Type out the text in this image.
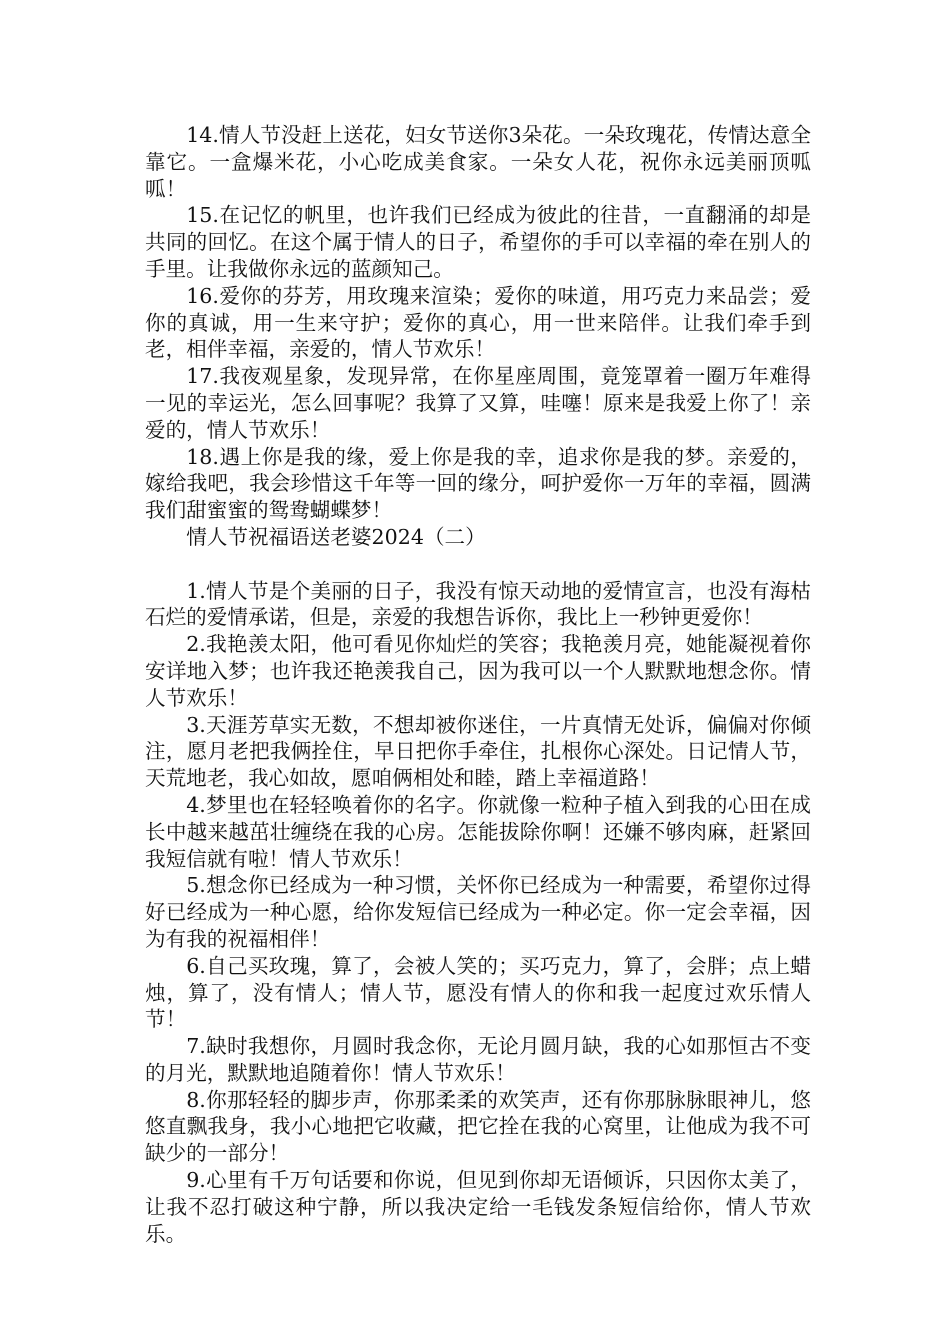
14.情人节没赶上送花，妇女节送你3朵花。一朵玫瑰花，传情达意全靠它。一盒爆米花，小心吃成美食家。一朵女人花，祝你永远美丽顶呱呱！

15.在记忆的帆里，也许我们已经成为彼此的往昔，一直翻涌的却是共同的回忆。在这个属于情人的日子，希望你的手可以幸福的牵在别人的手里。让我做你永远的蓝颜知己。

16.爱你的芬芳，用玫瑰来渲染；爱你的味道，用巧克力来品尝；爱你的真诚，用一生来守护；爱你的真心，用一世来陪伴。让我们牵手到老，相伴幸福，亲爱的，情人节欢乐！

17.我夜观星象，发现异常，在你星座周围，竟笼罩着一圈万年难得一见的幸运光，怎么回事呢？我算了又算，哇噻！原来是我爱上你了！亲爱的，情人节欢乐！

18.遇上你是我的缘，爱上你是我的幸，追求你是我的梦。亲爱的，嫁给我吧，我会珍惜这千年等一回的缘分，呵护爱你一万年的幸福，圆满我们甜蜜蜜的鸳鸯蝴蝶梦！

情人节祝福语送老婆2024（二）

1.情人节是个美丽的日子，我没有惊天动地的爱情宣言，也没有海枯石烂的爱情承诺，但是，亲爱的我想告诉你，我比上一秒钟更爱你！

2.我艳羡太阳，他可看见你灿烂的笑容；我艳羡月亮，她能凝视着你安详地入梦；也许我还艳羡我自己，因为我可以一个人默默地想念你。情人节欢乐！

3.天涯芳草实无数，不想却被你迷住，一片真情无处诉，偏偏对你倾注，愿月老把我俩拴住，早日把你手牵住，扎根你心深处。日记情人节，天荒地老，我心如故，愿咱俩相处和睦，踏上幸福道路！

4.梦里也在轻轻唤着你的名字。你就像一粒种子植入到我的心田在成长中越来越茁壮缠绕在我的心房。怎能拔除你啊！还嫌不够肉麻，赶紧回我短信就有啦！情人节欢乐！

5.想念你已经成为一种习惯，关怀你已经成为一种需要，希望你过得好已经成为一种心愿，给你发短信已经成为一种必定。你一定会幸福，因为有我的祝福相伴！

6.自己买玫瑰，算了，会被人笑的；买巧克力，算了，会胖；点上蜡烛，算了，没有情人；情人节，愿没有情人的你和我一起度过欢乐情人节！

7.缺时我想你，月圆时我念你，无论月圆月缺，我的心如那恒古不变的月光，默默地追随着你！情人节欢乐！

8.你那轻轻的脚步声，你那柔柔的欢笑声，还有你那脉脉眼神儿，悠悠直飘我身，我小心地把它收藏，把它拴在我的心窝里，让他成为我不可缺少的一部分！

9.心里有千万句话要和你说，但见到你却无语倾诉，只因你太美了，让我不忍打破这种宁静，所以我决定给一毛钱发条短信给你，情人节欢乐。
